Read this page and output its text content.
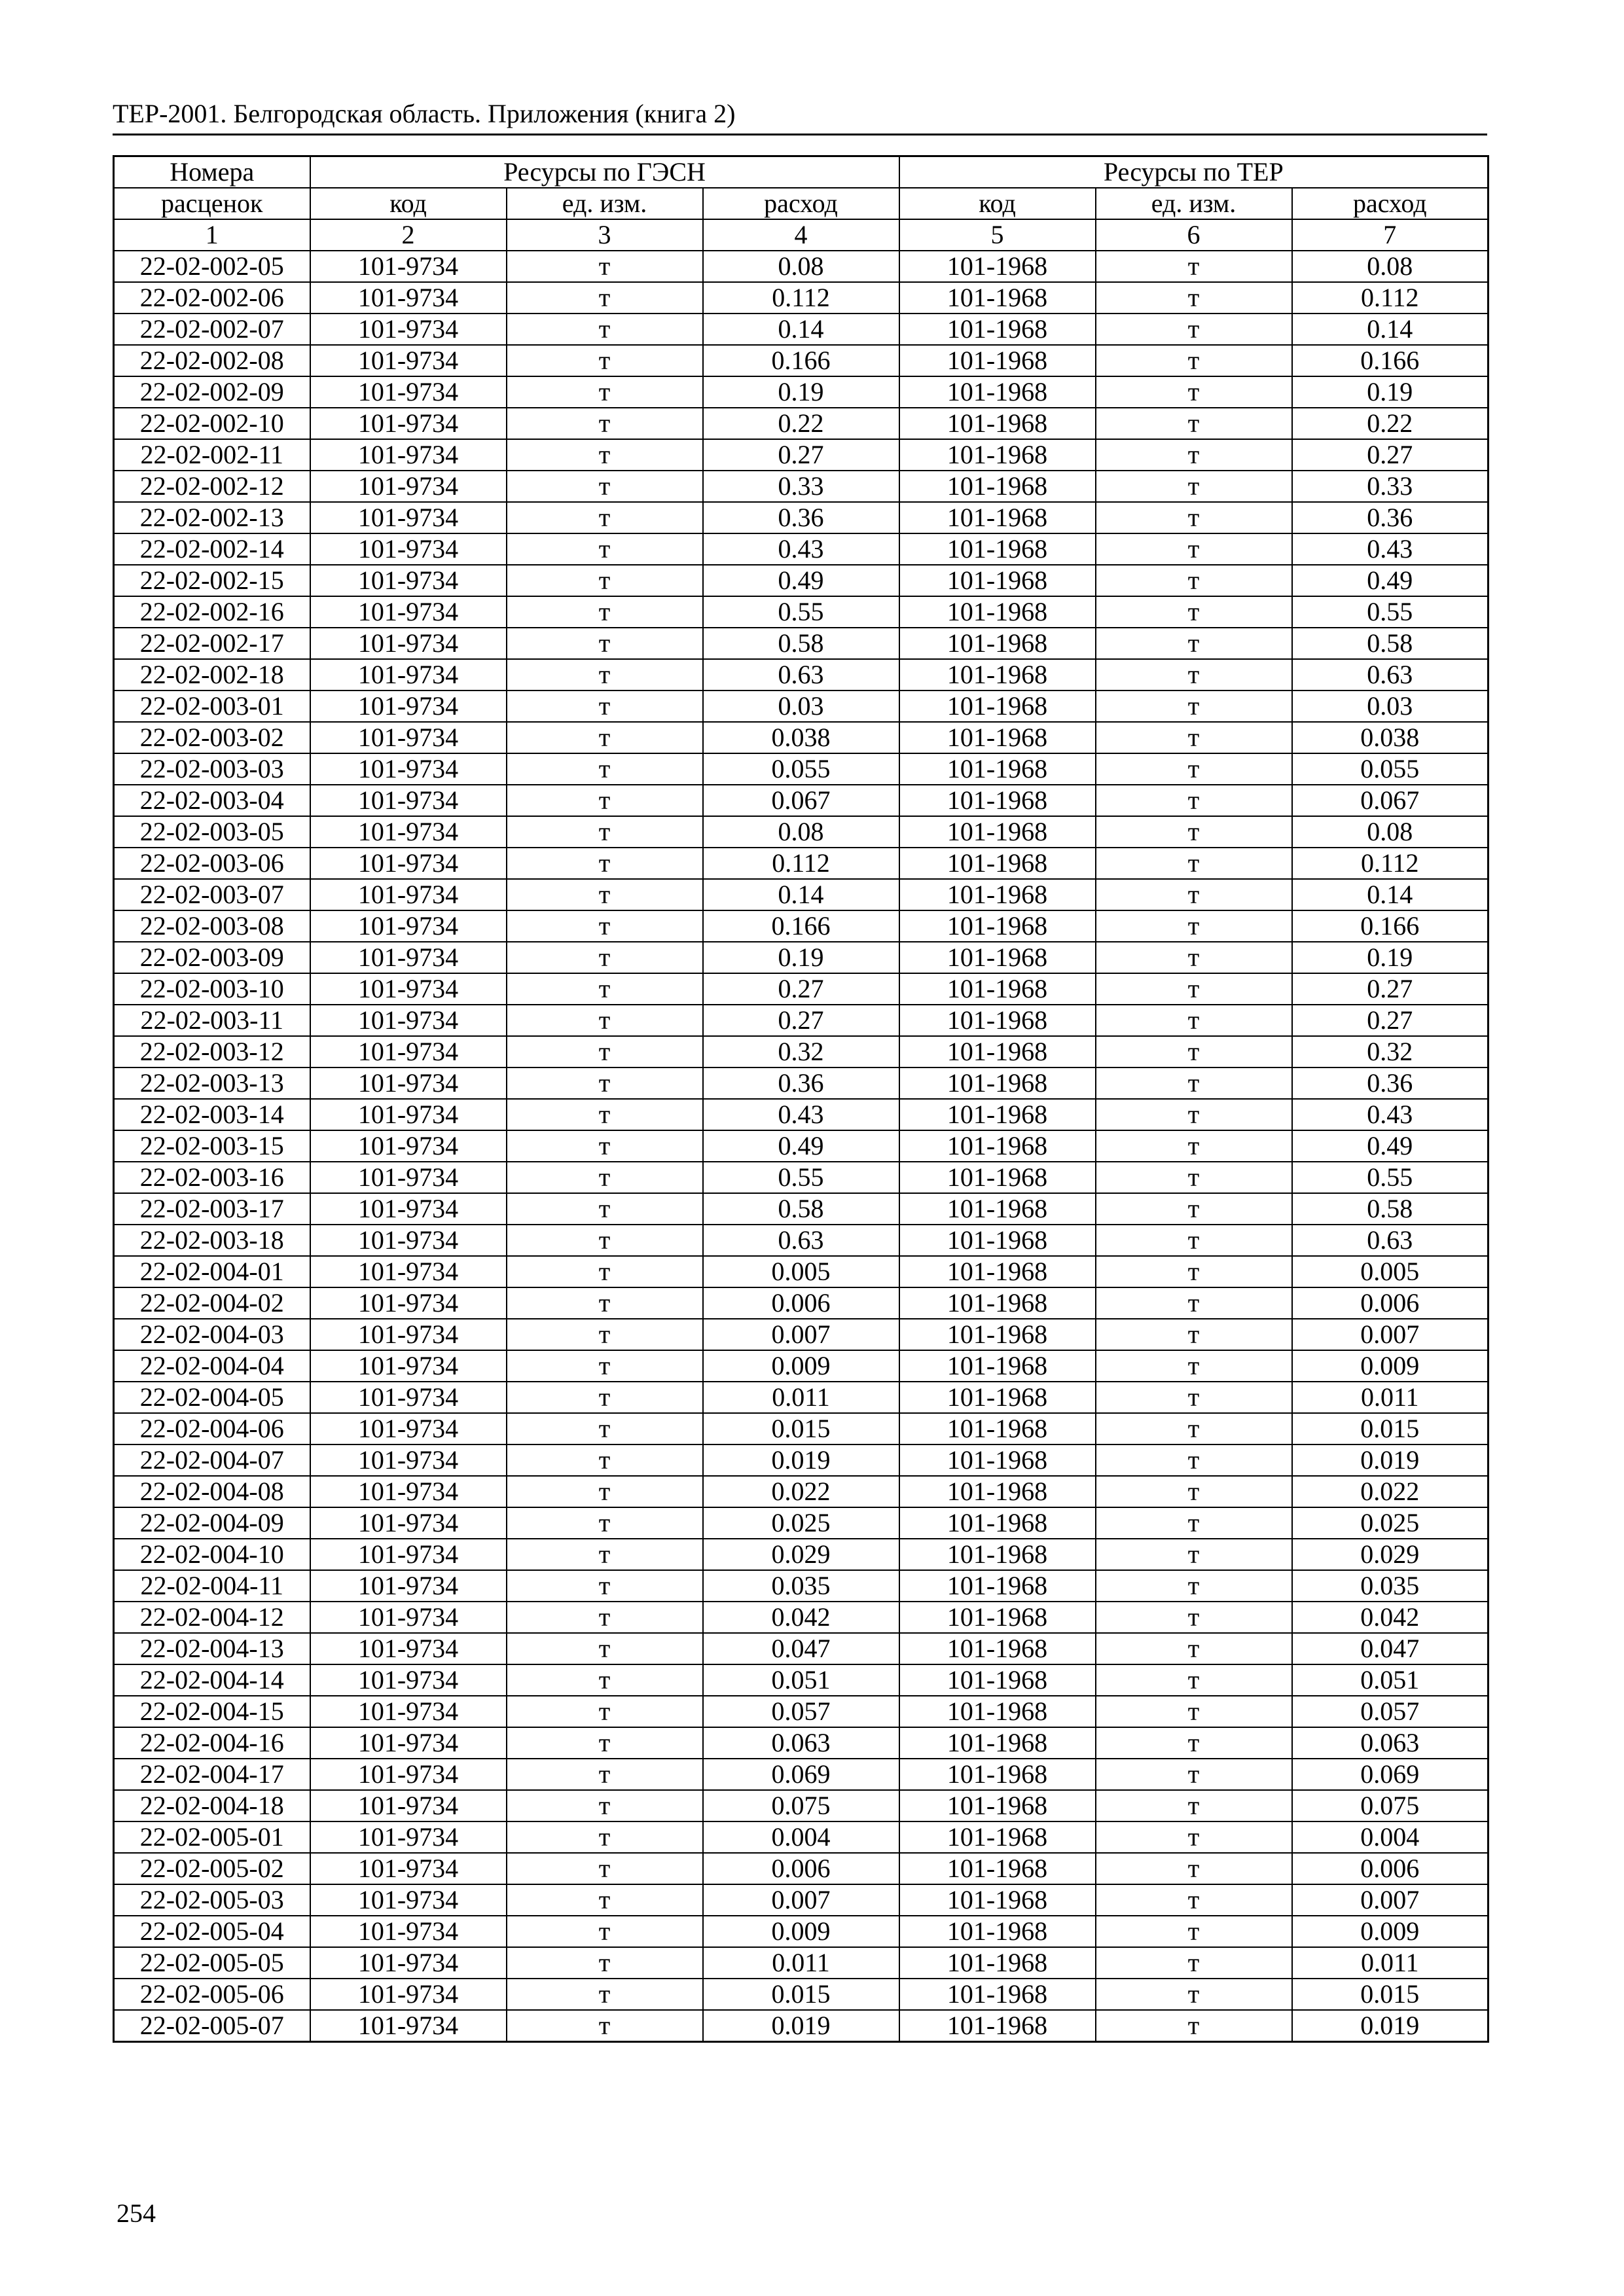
ТЕР-2001. Белгородская область. Приложения (книга 2)
Номера	Ресурсы по ГЭСН			Ресурсы по ТЕР		
расценок	код	ед. изм.	расход	код	ед. изм.	расход
1	2	3	4	5	6	7
22-02-002-05	101-9734	т	0.08	101-1968	т	0.08
22-02-002-06	101-9734	т	0.112	101-1968	т	0.112
22-02-002-07	101-9734	т	0.14	101-1968	т	0.14
22-02-002-08	101-9734	т	0.166	101-1968	т	0.166
22-02-002-09	101-9734	т	0.19	101-1968	т	0.19
22-02-002-10	101-9734	т	0.22	101-1968	т	0.22
22-02-002-11	101-9734	т	0.27	101-1968	т	0.27
22-02-002-12	101-9734	т	0.33	101-1968	т	0.33
22-02-002-13	101-9734	т	0.36	101-1968	т	0.36
22-02-002-14	101-9734	т	0.43	101-1968	т	0.43
22-02-002-15	101-9734	т	0.49	101-1968	т	0.49
22-02-002-16	101-9734	т	0.55	101-1968	т	0.55
22-02-002-17	101-9734	т	0.58	101-1968	т	0.58
22-02-002-18	101-9734	т	0.63	101-1968	т	0.63
22-02-003-01	101-9734	т	0.03	101-1968	т	0.03
22-02-003-02	101-9734	т	0.038	101-1968	т	0.038
22-02-003-03	101-9734	т	0.055	101-1968	т	0.055
22-02-003-04	101-9734	т	0.067	101-1968	т	0.067
22-02-003-05	101-9734	т	0.08	101-1968	т	0.08
22-02-003-06	101-9734	т	0.112	101-1968	т	0.112
22-02-003-07	101-9734	т	0.14	101-1968	т	0.14
22-02-003-08	101-9734	т	0.166	101-1968	т	0.166
22-02-003-09	101-9734	т	0.19	101-1968	т	0.19
22-02-003-10	101-9734	т	0.27	101-1968	т	0.27
22-02-003-11	101-9734	т	0.27	101-1968	т	0.27
22-02-003-12	101-9734	т	0.32	101-1968	т	0.32
22-02-003-13	101-9734	т	0.36	101-1968	т	0.36
22-02-003-14	101-9734	т	0.43	101-1968	т	0.43
22-02-003-15	101-9734	т	0.49	101-1968	т	0.49
22-02-003-16	101-9734	т	0.55	101-1968	т	0.55
22-02-003-17	101-9734	т	0.58	101-1968	т	0.58
22-02-003-18	101-9734	т	0.63	101-1968	т	0.63
22-02-004-01	101-9734	т	0.005	101-1968	т	0.005
22-02-004-02	101-9734	т	0.006	101-1968	т	0.006
22-02-004-03	101-9734	т	0.007	101-1968	т	0.007
22-02-004-04	101-9734	т	0.009	101-1968	т	0.009
22-02-004-05	101-9734	т	0.011	101-1968	т	0.011
22-02-004-06	101-9734	т	0.015	101-1968	т	0.015
22-02-004-07	101-9734	т	0.019	101-1968	т	0.019
22-02-004-08	101-9734	т	0.022	101-1968	т	0.022
22-02-004-09	101-9734	т	0.025	101-1968	т	0.025
22-02-004-10	101-9734	т	0.029	101-1968	т	0.029
22-02-004-11	101-9734	т	0.035	101-1968	т	0.035
22-02-004-12	101-9734	т	0.042	101-1968	т	0.042
22-02-004-13	101-9734	т	0.047	101-1968	т	0.047
22-02-004-14	101-9734	т	0.051	101-1968	т	0.051
22-02-004-15	101-9734	т	0.057	101-1968	т	0.057
22-02-004-16	101-9734	т	0.063	101-1968	т	0.063
22-02-004-17	101-9734	т	0.069	101-1968	т	0.069
22-02-004-18	101-9734	т	0.075	101-1968	т	0.075
22-02-005-01	101-9734	т	0.004	101-1968	т	0.004
22-02-005-02	101-9734	т	0.006	101-1968	т	0.006
22-02-005-03	101-9734	т	0.007	101-1968	т	0.007
22-02-005-04	101-9734	т	0.009	101-1968	т	0.009
22-02-005-05	101-9734	т	0.011	101-1968	т	0.011
22-02-005-06	101-9734	т	0.015	101-1968	т	0.015
22-02-005-07	101-9734	т	0.019	101-1968	т	0.019
254
